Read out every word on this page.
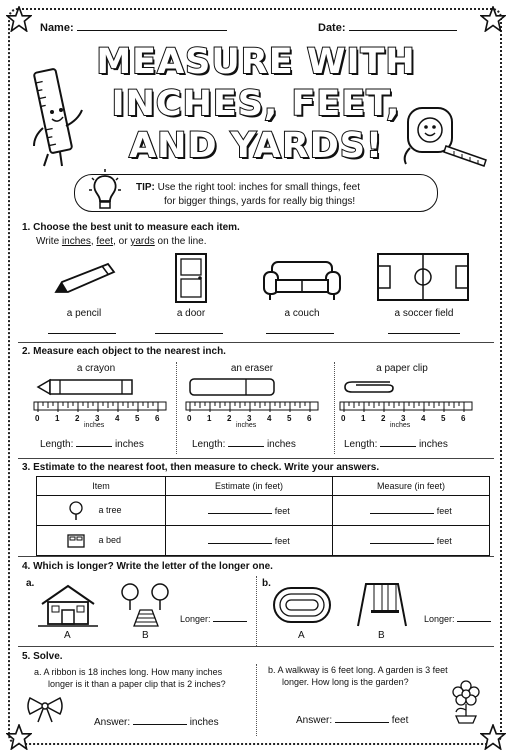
Name:	Date:
MEASURE WITH
INCHES, FEET,
AND YARDS!
TIP: Use the right tool: inches for small things, feet
for bigger things, yards for really big things!
1. Choose the best unit to measure each item.
Write inches, feet, or yards on the line.
a pencil	a door	a couch	a soccer field
2. Measure each object to the nearest inch.
a crayon	an eraser	a paper clip
0 1 2 3 4 5 6	0 1 2 3 4 5 6	0 1 2 3 4 5 6
inches	inches	inches
Length:	inches	Length:	inches	Length:	inches
3. Estimate to the nearest foot, then measure to check. Write your answers.
Item	Estimate (in feet)	Measure (in feet)
a tree	feet	feet
a bed	feet	feet
4. Which is longer? Write the letter of the longer one.
a.	b.
A	B
Longer:
A	B
Longer:
5. Solve.
a. A ribbon is 18 inches long. How many inches
longer is it than a paper clip that is 2 inches?
b. A walkway is 6 feet long. A garden is 3 feet
longer. How long is the garden?
Answer:	inches	Answer:	feet
